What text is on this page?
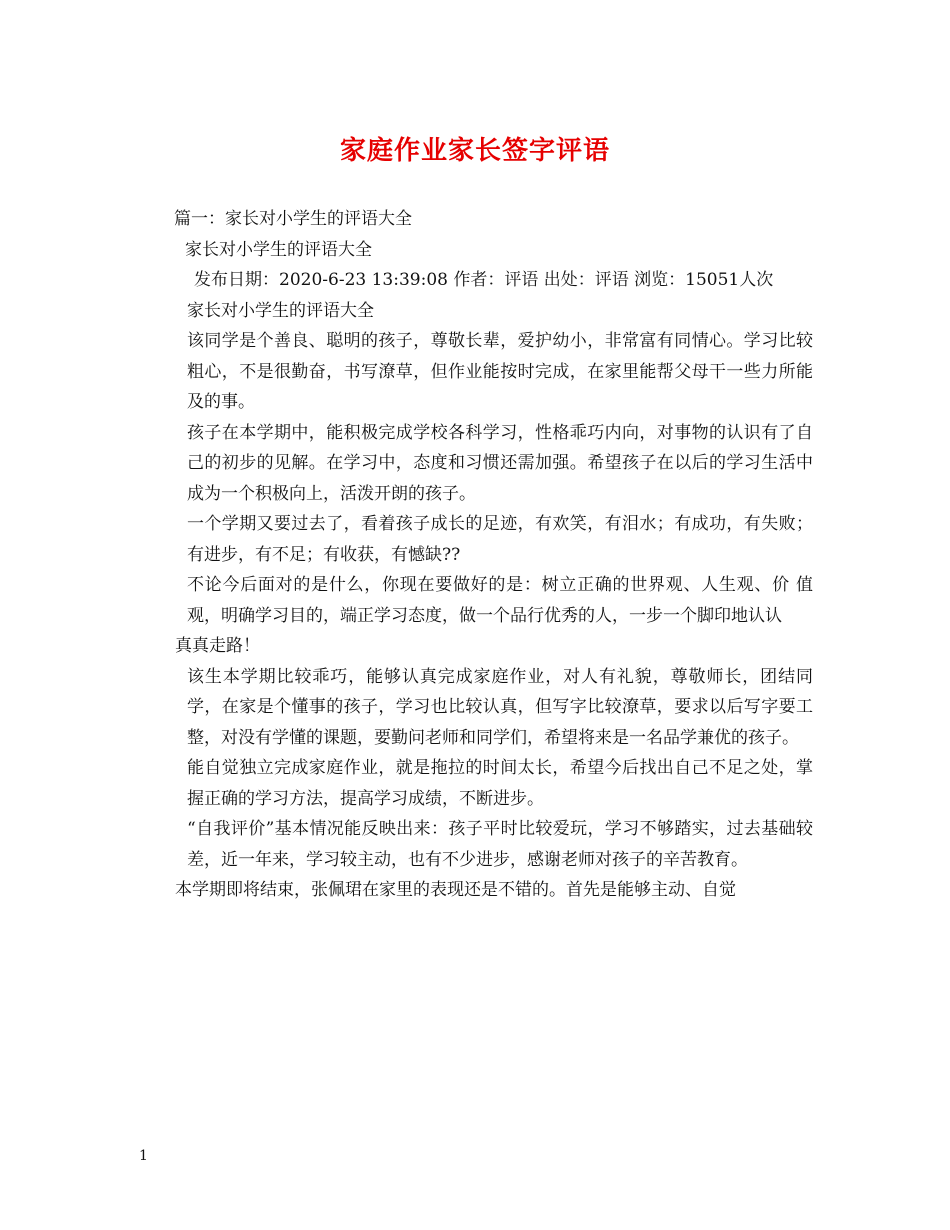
家庭作业家长签字评语

篇一：家长对小学生的评语大全

家长对小学生的评语大全

发布日期：2020-6-23 13:39:08 作者：评语 出处：评语 浏览：15051人次

家长对小学生的评语大全

该同学是个善良、聪明的孩子，尊敬长辈，爱护幼小，非常富有同情心。学习比较粗心，不是很勤奋，书写潦草，但作业能按时完成，在家里能帮父母干一些力所能及的事。

孩子在本学期中，能积极完成学校各科学习，性格乖巧内向，对事物的认识有了自己的初步的见解。在学习中，态度和习惯还需加强。希望孩子在以后的学习生活中成为一个积极向上，活泼开朗的孩子。

一个学期又要过去了，看着孩子成长的足迹，有欢笑，有泪水；有成功，有失败；有进步，有不足；有收获，有憾缺??

不论今后面对的是什么，你现在要做好的是：树立正确的世界观、人生观、价 值观，明确学习目的，端正学习态度，做一个品行优秀的人，一步一个脚印地认认

真真走路！

该生本学期比较乖巧，能够认真完成家庭作业，对人有礼貌，尊敬师长，团结同学，在家是个懂事的孩子，学习也比较认真，但写字比较潦草，要求以后写字要工整，对没有学懂的课题，要勤问老师和同学们，希望将来是一名品学兼优的孩子。

能自觉独立完成家庭作业，就是拖拉的时间太长，希望今后找出自己不足之处，掌握正确的学习方法，提高学习成绩，不断进步。

“自我评价”基本情况能反映出来：孩子平时比较爱玩，学习不够踏实，过去基础较差，近一年来，学习较主动，也有不少进步，感谢老师对孩子的辛苦教育。

本学期即将结束，张佩珺在家里的表现还是不错的。首先是能够主动、自觉

1
